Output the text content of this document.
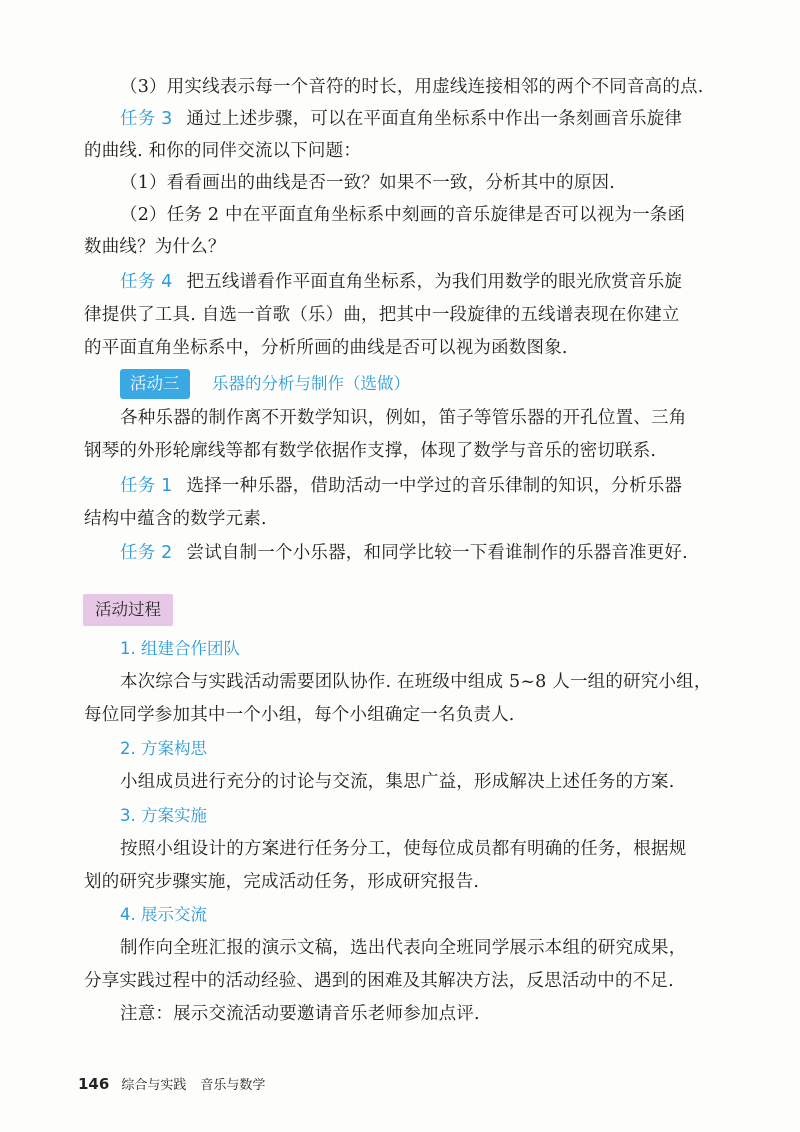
（3）用实线表示每一个音符的时长，用虚线连接相邻的两个不同音高的点.
任务 3 通过上述步骤，可以在平面直角坐标系中作出一条刻画音乐旋律
的曲线. 和你的同伴交流以下问题：
（1）看看画出的曲线是否一致？如果不一致，分析其中的原因.
（2）任务 2 中在平面直角坐标系中刻画的音乐旋律是否可以视为一条函
数曲线？为什么？
任务 4 把五线谱看作平面直角坐标系，为我们用数学的眼光欣赏音乐旋
律提供了工具. 自选一首歌（乐）曲，把其中一段旋律的五线谱表现在你建立
的平面直角坐标系中，分析所画的曲线是否可以视为函数图象.
活动三	乐器的分析与制作（选做）
各种乐器的制作离不开数学知识，例如，笛子等管乐器的开孔位置、三角
钢琴的外形轮廓线等都有数学依据作支撑，体现了数学与音乐的密切联系.
任务 1 选择一种乐器，借助活动一中学过的音乐律制的知识，分析乐器
结构中蕴含的数学元素.
任务 2 尝试自制一个小乐器，和同学比较一下看谁制作的乐器音准更好.
活动过程
1. 组建合作团队
本次综合与实践活动需要团队协作. 在班级中组成 5~8 人一组的研究小组，
每位同学参加其中一个小组，每个小组确定一名负责人.
2. 方案构思
小组成员进行充分的讨论与交流，集思广益，形成解决上述任务的方案.
3. 方案实施
按照小组设计的方案进行任务分工，使每位成员都有明确的任务，根据规
划的研究步骤实施，完成活动任务，形成研究报告.
4. 展示交流
制作向全班汇报的演示文稿，选出代表向全班同学展示本组的研究成果，
分享实践过程中的活动经验、遇到的困难及其解决方法，反思活动中的不足.
注意：展示交流活动要邀请音乐老师参加点评.
146 综合与实践 音乐与数学
